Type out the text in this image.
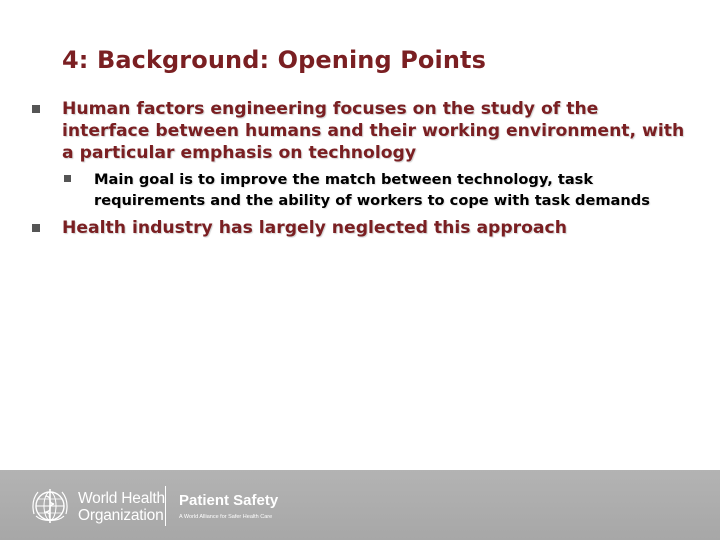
4: Background: Opening Points
Human factors engineering focuses on the study of the interface between humans and their working environment, with a particular emphasis on technology
Main goal is to improve the match between technology, task requirements and the ability of workers to cope with task demands
Health industry has largely neglected this approach
World Health
Organization
Patient Safety
A World Alliance for Safer Health Care
